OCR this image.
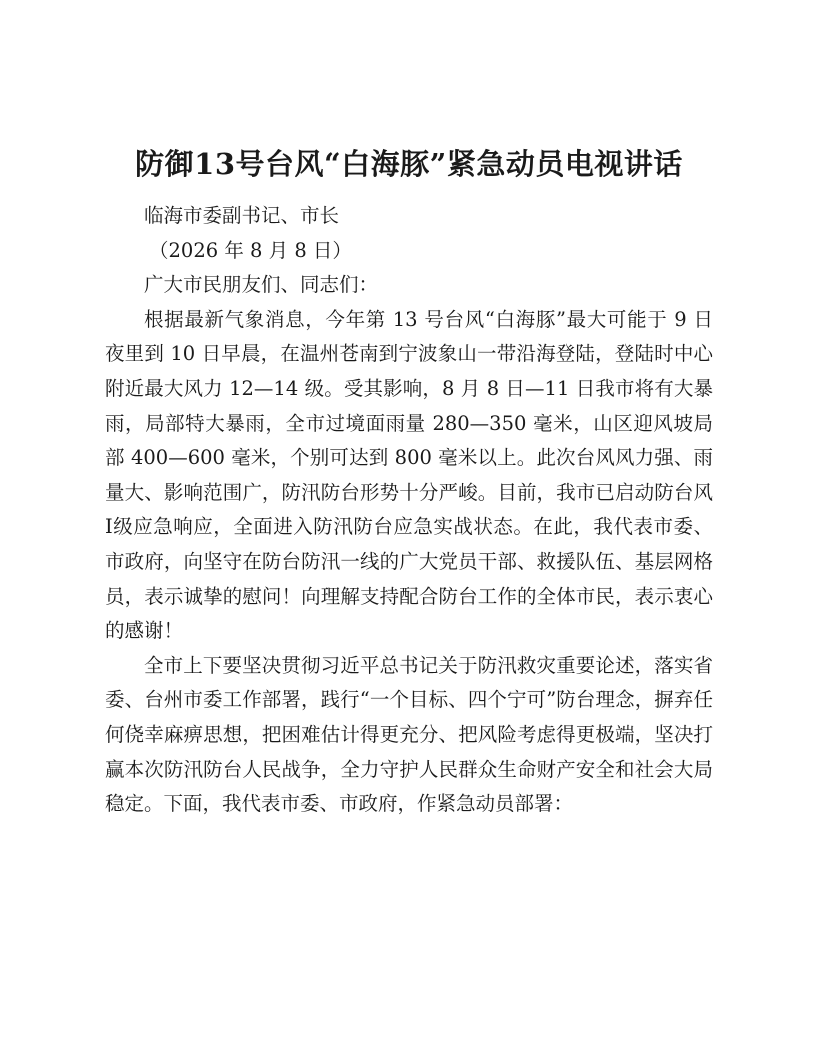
防御13号台风“白海豚”紧急动员电视讲话

临海市委副书记、市长

（2026 年 8 月 8 日）

广大市民朋友们、同志们：

根据最新气象消息，今年第 13 号台风“白海豚”最大可能于 9 日夜里到 10 日早晨，在温州苍南到宁波象山一带沿海登陆，登陆时中心附近最大风力 12—14 级。受其影响，8 月 8 日—11 日我市将有大暴雨，局部特大暴雨，全市过境面雨量 280—350 毫米，山区迎风坡局部 400—600 毫米，个别可达到 800 毫米以上。此次台风风力强、雨量大、影响范围广，防汛防台形势十分严峻。目前，我市已启动防台风Ⅰ级应急响应，全面进入防汛防台应急实战状态。在此，我代表市委、市政府，向坚守在防台防汛一线的广大党员干部、救援队伍、基层网格员，表示诚挚的慰问！向理解支持配合防台工作的全体市民，表示衷心的感谢！

全市上下要坚决贯彻习近平总书记关于防汛救灾重要论述，落实省委、台州市委工作部署，践行“一个目标、四个宁可”防台理念，摒弃任何侥幸麻痹思想，把困难估计得更充分、把风险考虑得更极端，坚决打赢本次防汛防台人民战争，全力守护人民群众生命财产安全和社会大局稳定。下面，我代表市委、市政府，作紧急动员部署：
